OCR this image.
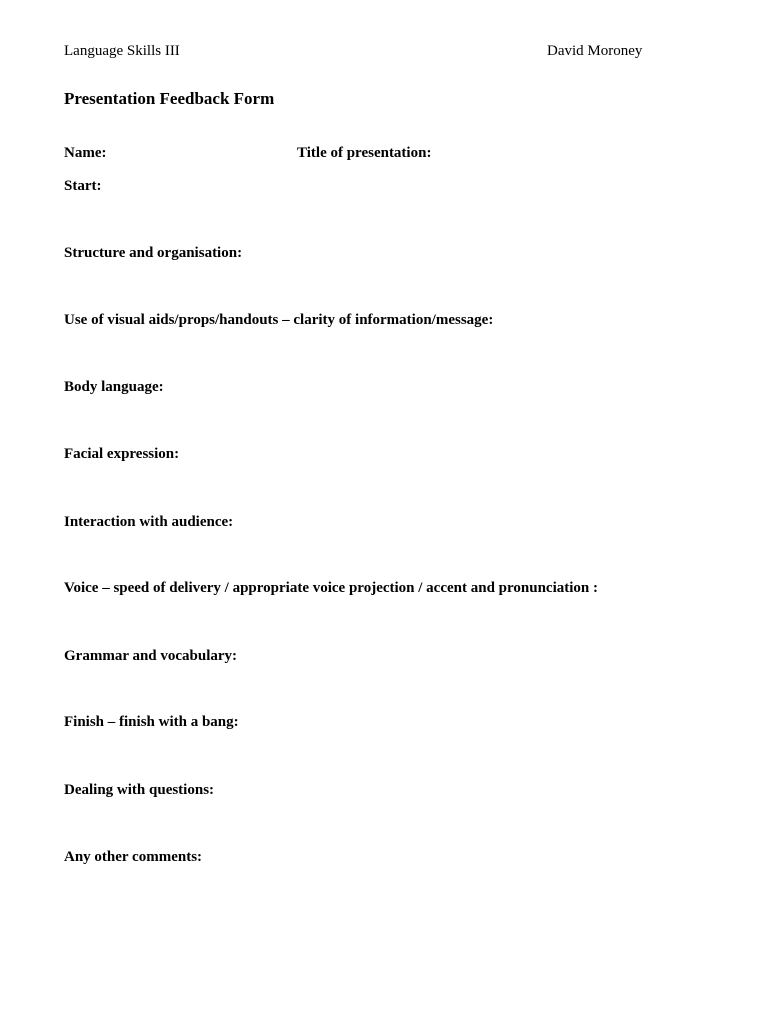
Language Skills III	David Moroney
Presentation Feedback Form
Name:	Title of presentation:
Start:
Structure and organisation:
Use of visual aids/props/handouts – clarity of information/message:
Body language:
Facial expression:
Interaction with audience:
Voice – speed of delivery / appropriate voice projection / accent and pronunciation :
Grammar and vocabulary:
Finish – finish with a bang:
Dealing with questions:
Any other comments:
